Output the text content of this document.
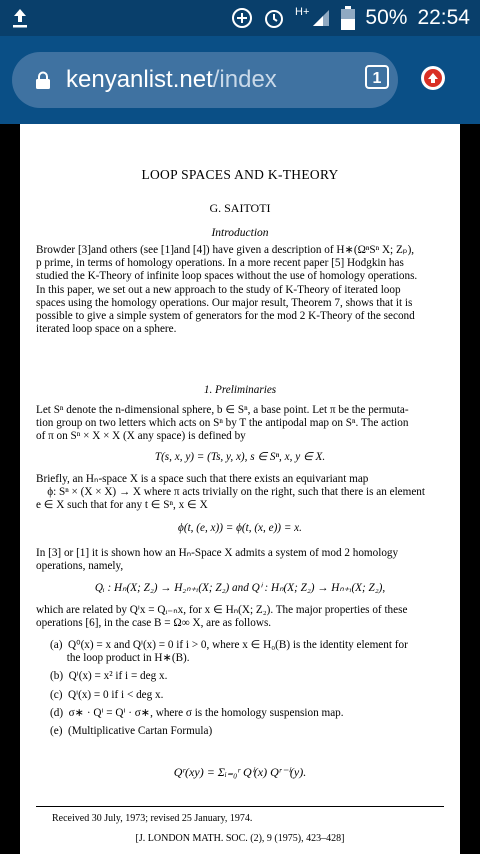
H+	50% 22:54
kenyanlist.net/index	1
LOOP SPACES AND K-THEORY
G. SAITOTI
Introduction

Browder [3]and others (see [1]and [4]) have given a description of H∗(ΩⁿSⁿ X; Zₚ),

p prime, in terms of homology operations. In a more recent paper [5] Hodgkin has

studied the K-Theory of infinite loop spaces without the use of homology operations.

In this paper, we set out a new approach to the study of K-Theory of iterated loop

spaces using the homology operations. Our major result, Theorem 7, shows that it is

possible to give a simple system of generators for the mod 2 K-Theory of the second

iterated loop space on a sphere.

1. Preliminaries

Let Sⁿ denote the n-dimensional sphere, b ∈ Sⁿ, a base point. Let π be the permuta-

tion group on two letters which acts on Sⁿ by T the antipodal map on Sⁿ. The action

of π on Sⁿ × X × X (X any space) is defined by

T(s, x, y) = (Ts, y, x), s ∈ Sⁿ, x, y ∈ X.

Briefly, an Hₙ-space X is a space such that there exists an equivariant map

ϕ: Sⁿ × (X × X) → X where π acts trivially on the right, such that there is an element

e ∈ X such that for any t ∈ Sⁿ, x ∈ X

ϕ(t, (e, x)) = ϕ(t, (x, e)) = x.

In [3] or [1] it is shown how an Hₙ-Space X admits a system of mod 2 homology

operations, namely,

Qᵢ : Hₙ(X; Z₂) → H₂ₙ₊ᵢ(X; Z₂) and Qⁱ : Hₙ(X; Z₂) → Hₙ₊ᵢ(X; Z₂),

which are related by Qⁱx = Qᵢ₋ₙx, for x ∈ Hₙ(X; Z₂). The major properties of these

operations [6], in the case B = Ω∞ X, are as follows.

(a)  Q⁰(x) = x and Qⁱ(x) = 0 if i > 0, where x ∈ H₀(B) is the identity element for
the loop product in H∗(B).
(b)  Qⁱ(x) = x² if i = deg x.
(c)  Qⁱ(x) = 0 if i < deg x.
(d)  σ∗ · Qⁱ = Qⁱ · σ∗, where σ is the homology suspension map.
(e)  (Multiplicative Cartan Formula)
Qʳ(xy) = Σᵢ₌₀ʳ Qⁱ(x) Qʳ⁻ⁱ(y).
Received 30 July, 1973; revised 25 January, 1974.
[J. LONDON MATH. SOC. (2), 9 (1975), 423–428]
